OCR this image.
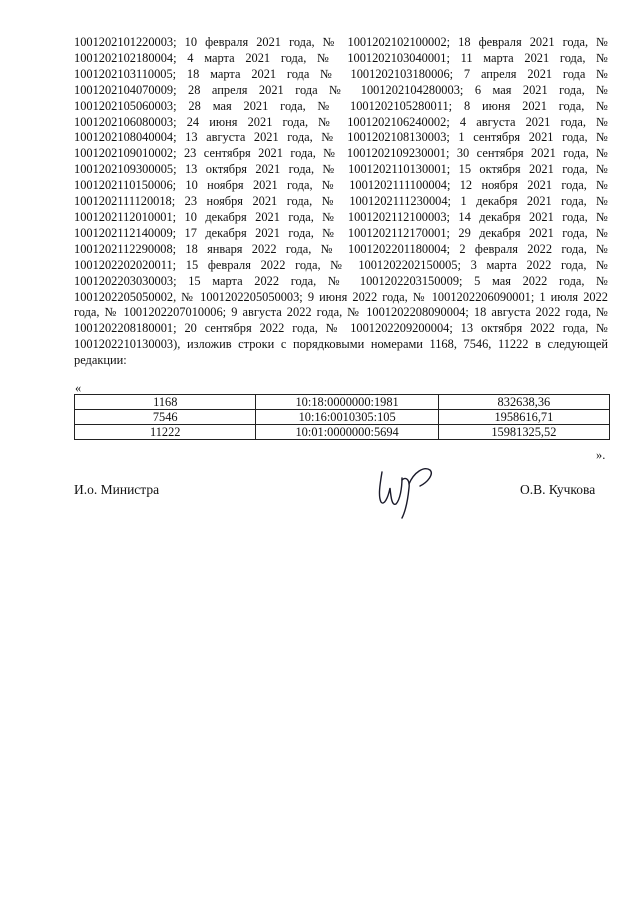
1001202101220003; 10 февраля 2021 года, № 1001202102100002; 18 февраля 2021 года, № 1001202102180004; 4 марта 2021 года, № 1001202103040001; 11 марта 2021 года, № 1001202103110005; 18 марта 2021 года № 1001202103180006; 7 апреля 2021 года № 1001202104070009; 28 апреля 2021 года № 1001202104280003; 6 мая 2021 года, № 1001202105060003; 28 мая 2021 года, № 1001202105280011; 8 июня 2021 года, № 1001202106080003; 24 июня 2021 года, № 1001202106240002; 4 августа 2021 года, № 1001202108040004; 13 августа 2021 года, № 1001202108130003; 1 сентября 2021 года, № 1001202109010002; 23 сентября 2021 года, № 1001202109230001; 30 сентября 2021 года, № 1001202109300005; 13 октября 2021 года, № 1001202110130001; 15 октября 2021 года, № 1001202110150006; 10 ноября 2021 года, № 1001202111100004; 12 ноября 2021 года, № 1001202111120018; 23 ноября 2021 года, № 1001202111230004; 1 декабря 2021 года, № 1001202112010001; 10 декабря 2021 года, № 1001202112100003; 14 декабря 2021 года, № 1001202112140009; 17 декабря 2021 года, № 1001202112170001; 29 декабря 2021 года, № 1001202112290008; 18 января 2022 года, № 1001202201180004; 2 февраля 2022 года, № 1001202202020011; 15 февраля 2022 года, № 1001202202150005; 3 марта 2022 года, № 1001202203030003; 15 марта 2022 года, № 1001202203150009; 5 мая 2022 года, № 1001202205050002, № 1001202205050003; 9 июня 2022 года, № 1001202206090001; 1 июля 2022 года, № 1001202207010006; 9 августа 2022 года, № 1001202208090004; 18 августа 2022 года, № 1001202208180001; 20 сентября 2022 года, № 1001202209200004; 13 октября 2022 года, № 1001202210130003), изложив строки с порядковыми номерами 1168, 7546, 11222 в следующей редакции:

«
1168	10:18:0000000:1981	832638,36
7546	10:16:0010305:105	1958616,71
11222	10:01:0000000:5694	15981325,52
».
И.о. Министра	О.В. Кучкова
